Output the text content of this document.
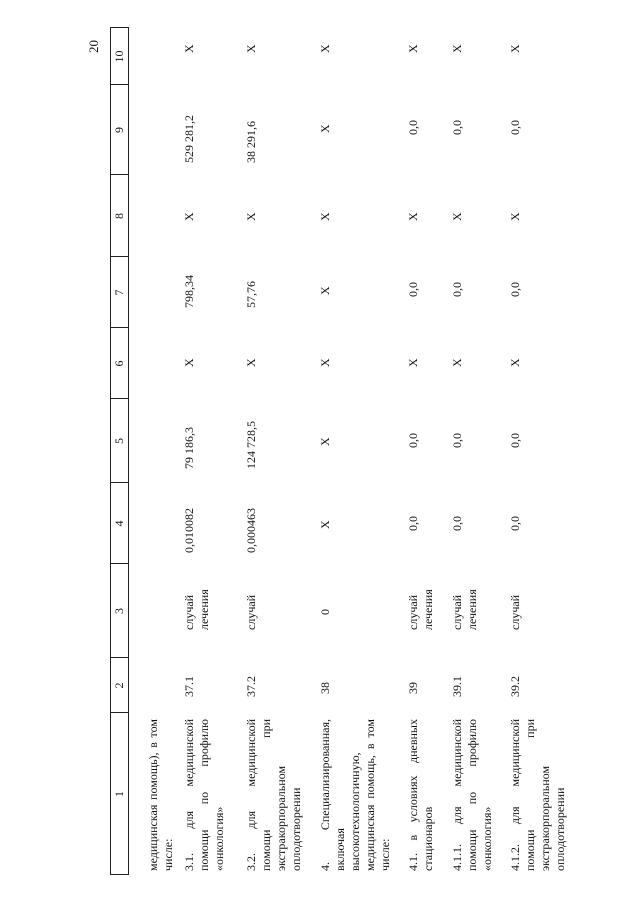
20
1
2
3
4
5
6
7
8
9
10
медицинская помощь), в том числе: 3.1. для медицинской помощи по профилю «онкология»
37.1
случай лечения
0,010082
79 186,3
Х
798,34
Х
529 281,2
Х
3.2. для медицинской помощи при экстракорпоральном оплодотворении
37.2
случай
0,000463
124 728,5
Х
57,76
Х
38 291,6
Х
4. Специализированная, включая высокотехнологичную, медицинская помощь, в том числе:
38
0
Х
Х
Х
Х
Х
Х
Х
4.1. в условиях дневных стационаров
39
случай лечения
0,0
0,0
Х
0,0
Х
0,0
Х
4.1.1. для медицинской помощи по профилю «онкология»
39.1
случай лечения
0,0
0,0
Х
0,0
Х
0,0
Х
4.1.2. для медицинской помощи при экстракорпоральном оплодотворении
39.2
случай
0,0
0,0
Х
0,0
Х
0,0
Х
